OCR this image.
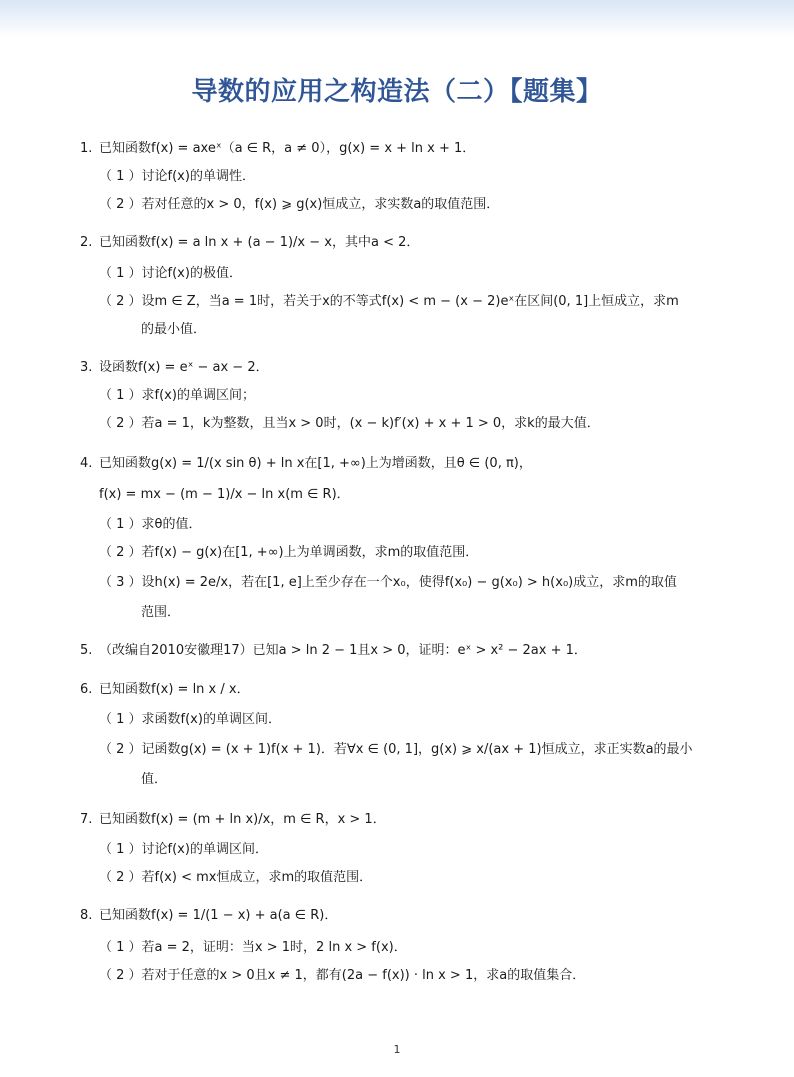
导数的应用之构造法（二）【题集】
1. 已知函数f(x) = axeˣ（a ∈ R，a ≠ 0），g(x) = x + ln x + 1．
（ 1 ）讨论f(x)的单调性．
（ 2 ）若对任意的x > 0，f(x) ⩾ g(x)恒成立，求实数a的取值范围．
2. 已知函数f(x) = a ln x + (a − 1)/x − x，其中a < 2．
（ 1 ）讨论f(x)的极值．
（ 2 ）设m ∈ Z，当a = 1时，若关于x的不等式f(x) < m − (x − 2)eˣ在区间(0, 1]上恒成立，求m
的最小值．
3. 设函数f(x) = eˣ − ax − 2．
（ 1 ）求f(x)的单调区间；
（ 2 ）若a = 1，k为整数，且当x > 0时，(x − k)f′(x) + x + 1 > 0，求k的最大值．
4. 已知函数g(x) = 1/(x sin θ) + ln x在[1, +∞)上为增函数，且θ ∈ (0, π)，
f(x) = mx − (m − 1)/x − ln x(m ∈ R)．
（ 1 ）求θ的值．
（ 2 ）若f(x) − g(x)在[1, +∞)上为单调函数，求m的取值范围．
（ 3 ）设h(x) = 2e/x，若在[1, e]上至少存在一个x₀，使得f(x₀) − g(x₀) > h(x₀)成立，求m的取值
范围．
5. （改编自2010安徽理17）已知a > ln 2 − 1且x > 0，证明：eˣ > x² − 2ax + 1．
6. 已知函数f(x) = ln x / x．
（ 1 ）求函数f(x)的单调区间．
（ 2 ）记函数g(x) = (x + 1)f(x + 1)．若∀x ∈ (0, 1]，g(x) ⩾ x/(ax + 1)恒成立，求正实数a的最小
值．
7. 已知函数f(x) = (m + ln x)/x，m ∈ R，x > 1．
（ 1 ）讨论f(x)的单调区间．
（ 2 ）若f(x) < mx恒成立，求m的取值范围．
8. 已知函数f(x) = 1/(1 − x) + a(a ∈ R)．
（ 1 ）若a = 2，证明：当x > 1时，2 ln x > f(x)．
（ 2 ）若对于任意的x > 0且x ≠ 1，都有(2a − f(x)) · ln x > 1，求a的取值集合．
1
